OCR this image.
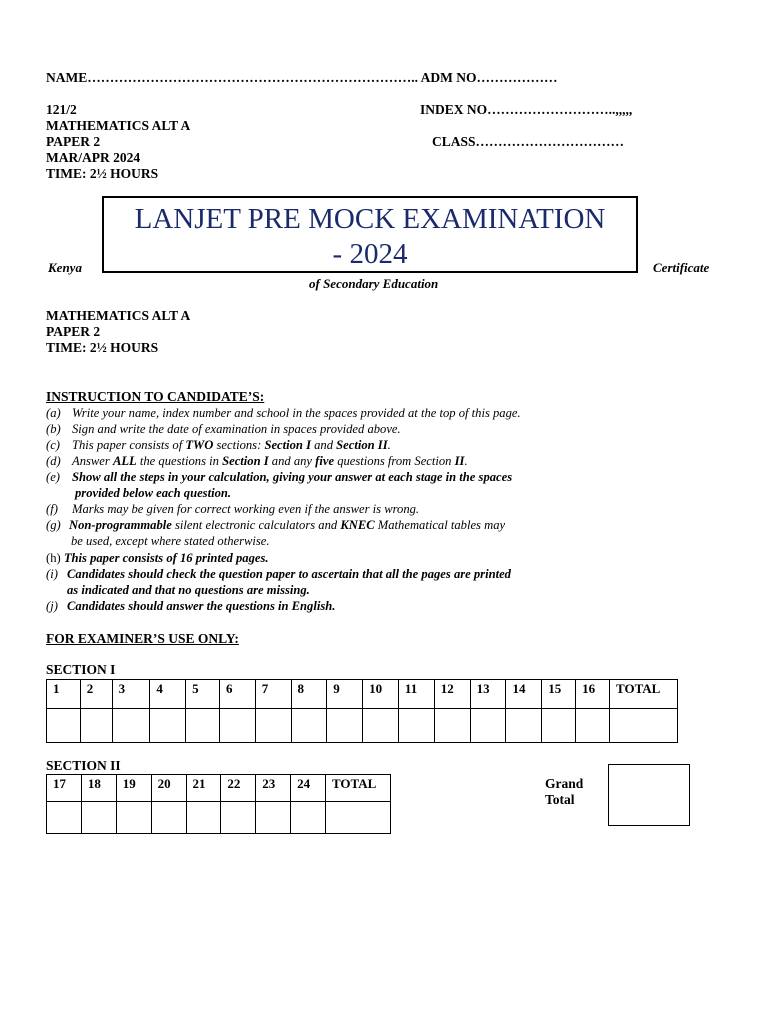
NAME……………………………………………………………….. ADM NO………………
121/2	INDEX NO………………………..,,,,,
MATHEMATICS ALT A
PAPER 2	CLASS……………………………
MAR/APR 2024
TIME: 2½ HOURS
LANJET PRE MOCK EXAMINATION
- 2024
Kenya	Certificate
of Secondary Education
MATHEMATICS ALT A
PAPER 2
TIME: 2½ HOURS
INSTRUCTION TO CANDIDATE’S:
(a) Write your name, index number and school in the spaces provided at the top of this page.
(b) Sign and write the date of examination in spaces provided above.
(c) This paper consists of TWO sections: Section I and Section II.
(d) Answer ALL the questions in Section I and any five questions from Section II.
(e) Show all the steps in your calculation, giving your answer at each stage in the spaces
provided below each question.
(f) Marks may be given for correct working even if the answer is wrong.
(g) Non-programmable silent electronic calculators and KNEC Mathematical tables may
be used, except where stated otherwise.
(h) This paper consists of 16 printed pages.
(i) Candidates should check the question paper to ascertain that all the pages are printed
as indicated and that no questions are missing.
(j) Candidates should answer the questions in English.
FOR EXAMINER’S USE ONLY:
SECTION I
1	2	3	4	5	6	7	8	9	10	11	12	13	14	15	16	TOTAL

SECTION II
17	18	19	20	21	22	23	24	TOTAL
									Grand
Total
